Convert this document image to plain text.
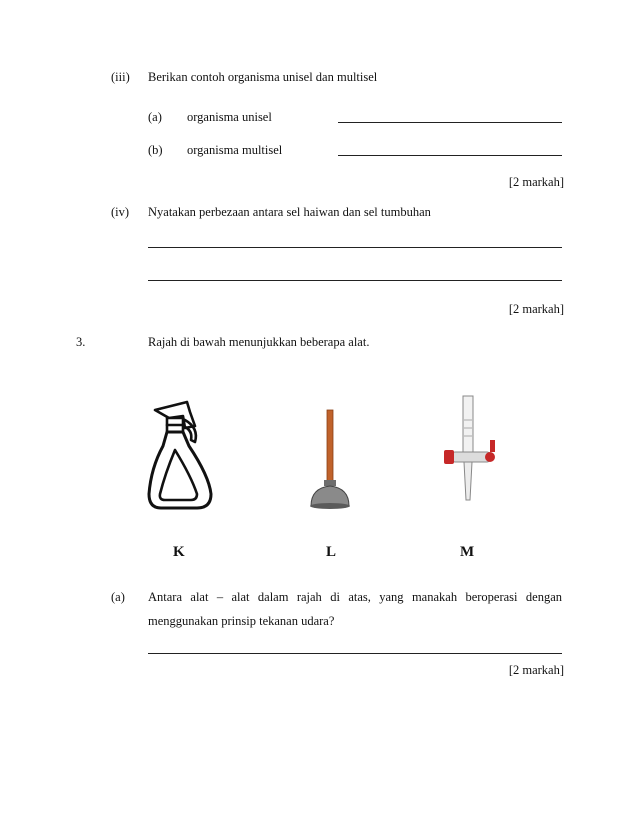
(iii) Berikan contoh organisma unisel dan multisel
(a) organisma unisel
(b) organisma multisel
[2 markah]
(iv) Nyatakan perbezaan antara sel haiwan dan sel tumbuhan
[2 markah]
3.	Rajah di bawah menunjukkan beberapa alat.
K	L	M
(a) Antara alat – alat dalam rajah di atas, yang manakah beroperasi dengan
menggunakan prinsip tekanan udara?
[2 markah]
